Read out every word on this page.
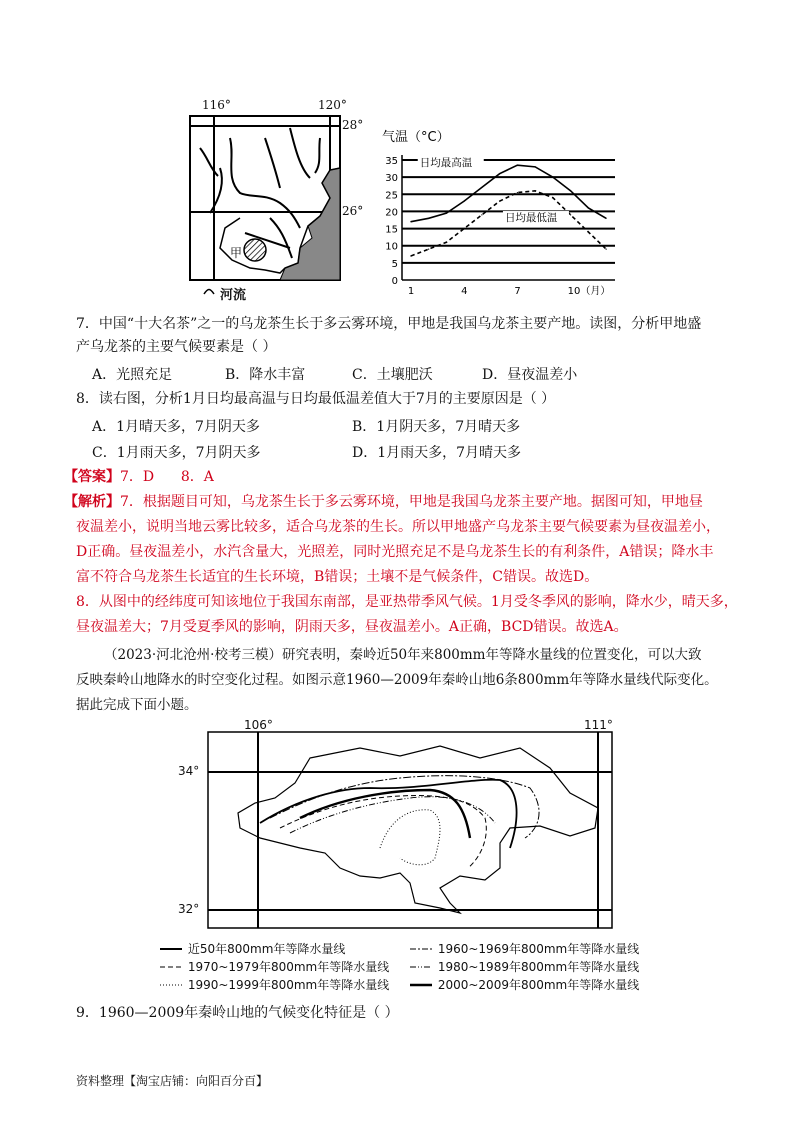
116°	120°
28°
26°
甲
河流
气温（°C）
0
5
10
15
20
25
30
35
1	4	7	10（月）
日均最高温
日均最低温
7．中国“十大名茶”之一的乌龙茶生长于多云雾环境，甲地是我国乌龙茶主要产地。读图，分析甲地盛
产乌龙茶的主要气候要素是（ ）
A．光照充足	B．降水丰富	C．土壤肥沃	D．昼夜温差小
8．读右图，分析1月日均最高温与日均最低温差值大于7月的主要原因是（ ）
A．1月晴天多，7月阴天多	B．1月阴天多，7月晴天多
C．1月雨天多，7月阴天多	D．1月雨天多，7月晴天多
【答案】7．D      8．A
【解析】7．根据题目可知，乌龙茶生长于多云雾环境，甲地是我国乌龙茶主要产地。据图可知，甲地昼
夜温差小，说明当地云雾比较多，适合乌龙茶的生长。所以甲地盛产乌龙茶主要气候要素为昼夜温差小，
D正确。昼夜温差小，水汽含量大，光照差，同时光照充足不是乌龙茶生长的有利条件，A错误；降水丰
富不符合乌龙茶生长适宜的生长环境，B错误；土壤不是气候条件，C错误。故选D。
8．从图中的经纬度可知该地位于我国东南部，是亚热带季风气候。1月受冬季风的影响，降水少，晴天多，
昼夜温差大；7月受夏季风的影响，阴雨天多，昼夜温差小。A正确，BCD错误。故选A。
（2023·河北沧州·校考三模）研究表明，秦岭近50年来800mm年等降水量线的位置变化，可以大致
反映秦岭山地降水的时空变化过程。如图示意1960—2009年秦岭山地6条800mm年等降水量线代际变化。
据此完成下面小题。
106°	111°
34°
32°
近50年800mm年等降水量线	1960~1969年800mm年等降水量线
1970~1979年800mm年等降水量线	1980~1989年800mm年等降水量线
1990~1999年800mm年等降水量线	2000~2009年800mm年等降水量线
9．1960—2009年秦岭山地的气候变化特征是（ ）
资料整理【淘宝店铺：向阳百分百】
